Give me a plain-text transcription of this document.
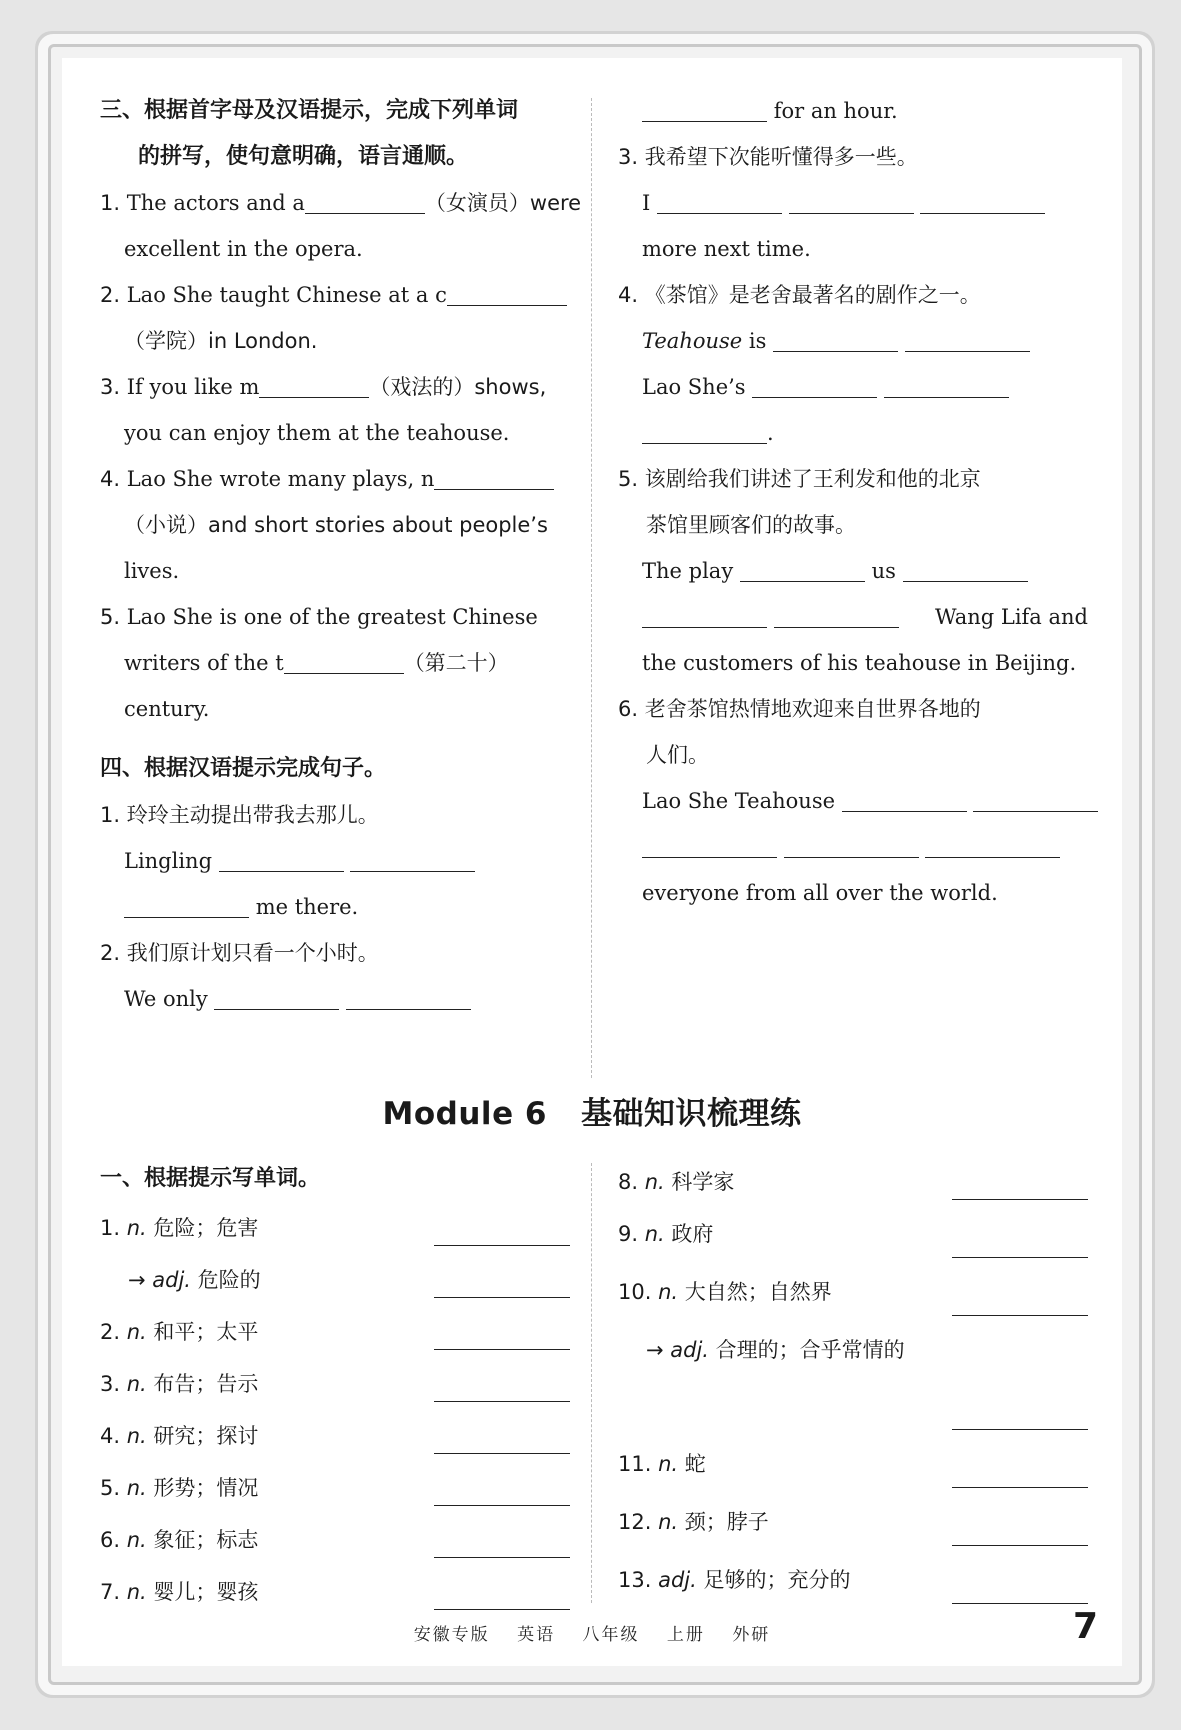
三、根据首字母及汉语提示，完成下列单词
的拼写，使句意明确，语言通顺。
1. The actors and a	（女演员）were
excellent in the opera.
2. Lao She taught Chinese at a c
（学院）in London.
3. If you like m	（戏法的）shows,
you can enjoy them at the teahouse.
4. Lao She wrote many plays, n
（小说）and short stories about people’s
lives.
5. Lao She is one of the greatest Chinese
writers of the t	（第二十）
century.
四、根据汉语提示完成句子。
1. 玲玲主动提出带我去那儿。
Lingling
me there.
2. 我们原计划只看一个小时。
We only
for an hour.
3. 我希望下次能听懂得多一些。
I
more next time.
4. 《茶馆》是老舍最著名的剧作之一。
Teahouse is
Lao She’s
.
5. 该剧给我们讲述了王利发和他的北京
茶馆里顾客们的故事。
The play	us

Wang Lifa and
the customers of his teahouse in Beijing.
6. 老舍茶馆热情地欢迎来自世界各地的
人们。
Lao She Teahouse

everyone from all over the world.
Module 6 基础知识梳理练
一、根据提示写单词。
1. n. 危险；危害
→ adj. 危险的
2. n. 和平；太平
3. n. 布告；告示
4. n. 研究；探讨
5. n. 形势；情况
6. n. 象征；标志
7. n. 婴儿；婴孩
8. n. 科学家
9. n. 政府
10. n. 大自然；自然界
→ adj. 合理的；合乎常情的
11. n. 蛇
12. n. 颈；脖子
13. adj. 足够的；充分的
安徽专版 英语 八年级 上册 外研	7
